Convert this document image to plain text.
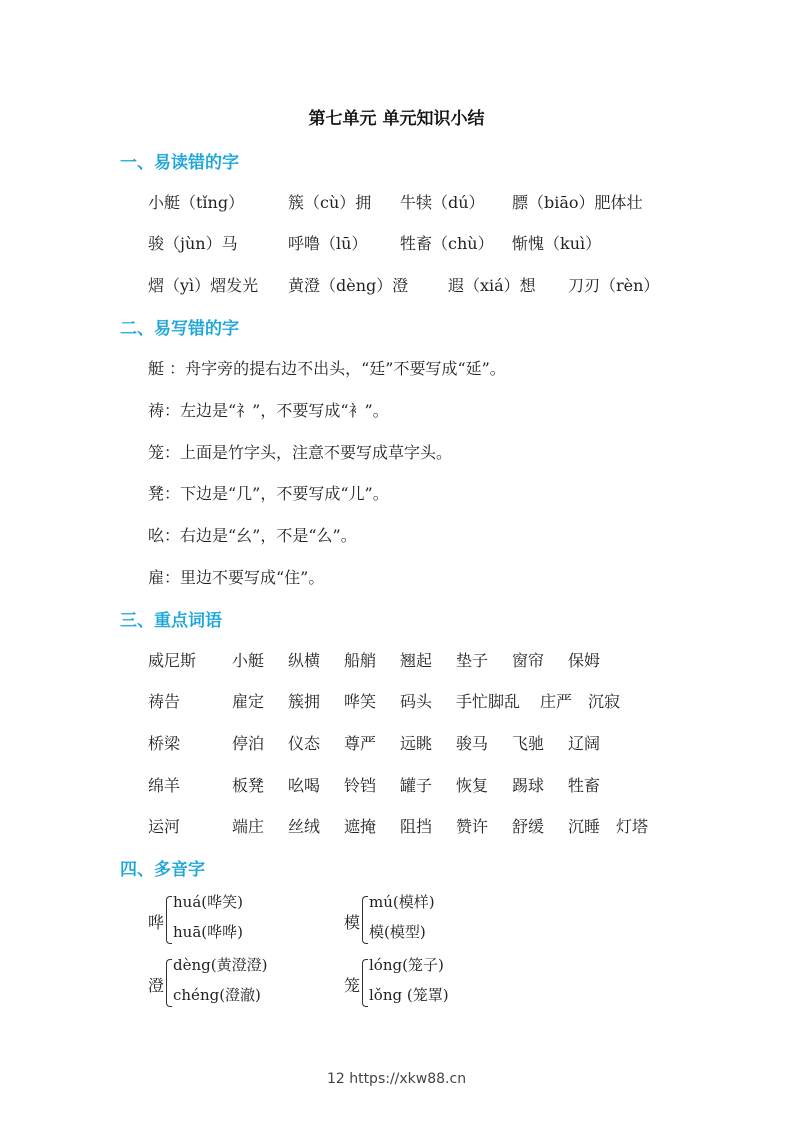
第七单元 单元知识小结
一、易读错的字
小艇（tǐng）	簇（cù）拥 牛犊（dú） 膘（biāo）肥体壮
骏（jùn）马	呼噜（lū） 牲畜（chù） 惭愧（kuì）
熠（yì）熠发光 黄澄（dèng）澄 遐（xiá）想 刀刃（rèn）
二、易写错的字
艇 ：舟字旁的提右边不出头，“廷”不要写成“延”。
祷：左边是“礻”，不要写成“衤”。
笼：上面是竹字头，注意不要写成草字头。
凳：下边是“几”，不要写成“儿”。
吆：右边是“幺”，不是“么”。
雇：里边不要写成“住”。
三、重点词语
威尼斯 小艇 纵横 船艄 翘起 垫子 窗帘 保姆
祷告	雇定 簇拥 哗笑 码头 手忙脚乱 庄严 沉寂
桥梁	停泊 仪态 尊严 远眺 骏马 飞驰 辽阔
绵羊	板凳 吆喝 铃铛 罐子 恢复 踢球 牲畜
运河	端庄 丝绒 遮掩 阻挡 赞许 舒缓 沉睡 灯塔
四、多音字
哗
huá(哗笑)
huā(哗哗)	模
mú(模样)
模(模型)
澄
dèng(黄澄澄)
chéng(澄澈)	笼
lóng(笼子)
lǒng (笼罩)
12 https://xkw88.cn
